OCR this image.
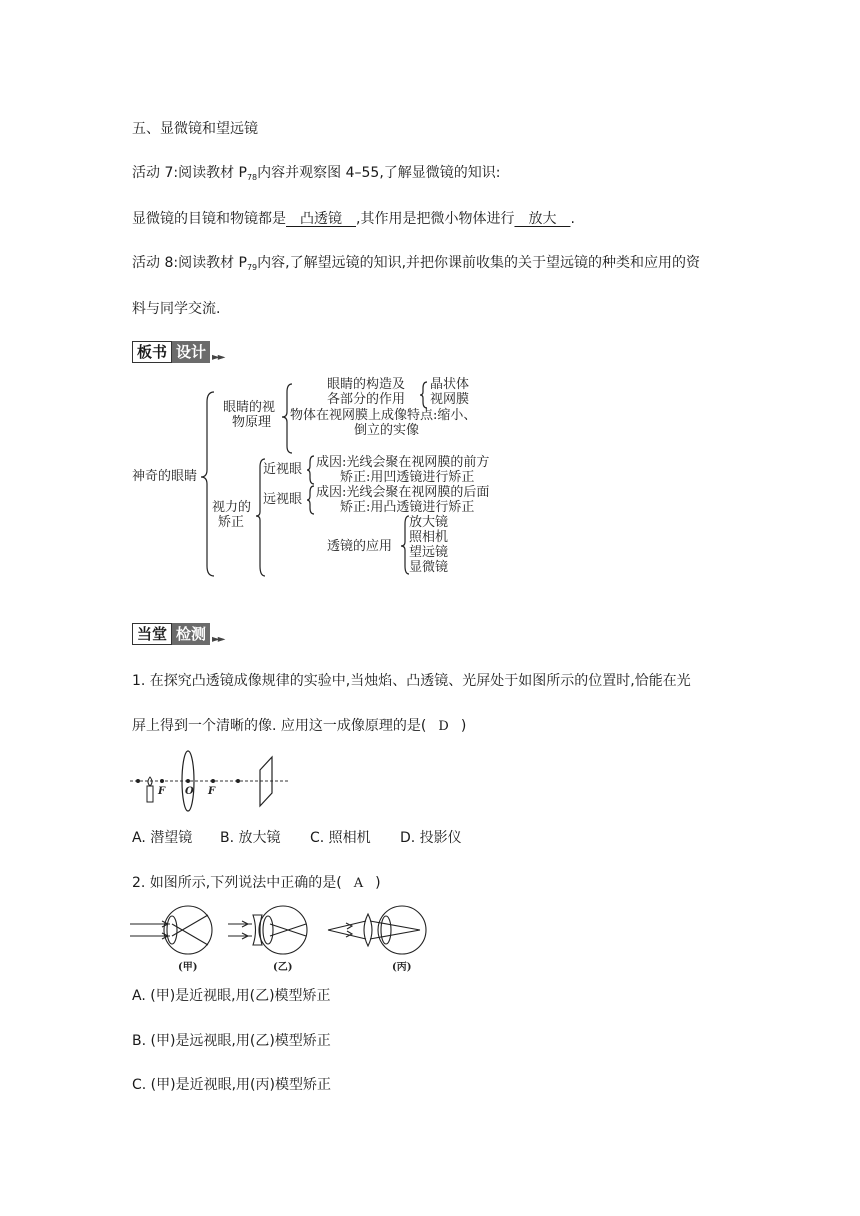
五、显微镜和望远镜
活动 7:阅读教材 $P_{78}$内容并观察图 4–55,了解显微镜的知识:
显微镜的目镜和物镜都是　凸透镜　,其作用是把微小物体进行　放大　.
活动 8:阅读教材 $P_{79}$内容,了解望远镜的知识,并把你课前收集的关于望远镜的种类和应用的资
料与同学交流.
板书 设计 ►►
神奇的眼睛
眼睛的视
物原理
眼睛的构造及
各部分的作用
晶状体
视网膜
物体在视网膜上成像特点:缩小、
倒立的实像
视力的
矫正
近视眼 成因:光线会聚在视网膜的前方
矫正:用凹透镜进行矫正
远视眼 成因:光线会聚在视网膜的后面
矫正:用凸透镜进行矫正
透镜的应用
放大镜
照相机
望远镜
显微镜
当堂 检测 ►►
1. 在探究凸透镜成像规律的实验中,当烛焰、凸透镜、光屏处于如图所示的位置时,恰能在光
屏上得到一个清晰的像. 应用这一成像原理的是( D )
F O F
A. 潜望镜 B. 放大镜 C. 照相机 D. 投影仪
2. 如图所示,下列说法中正确的是( A )
(甲)	(乙)	(丙)
A. (甲)是近视眼,用(乙)模型矫正
B. (甲)是远视眼,用(乙)模型矫正
C. (甲)是近视眼,用(丙)模型矫正
